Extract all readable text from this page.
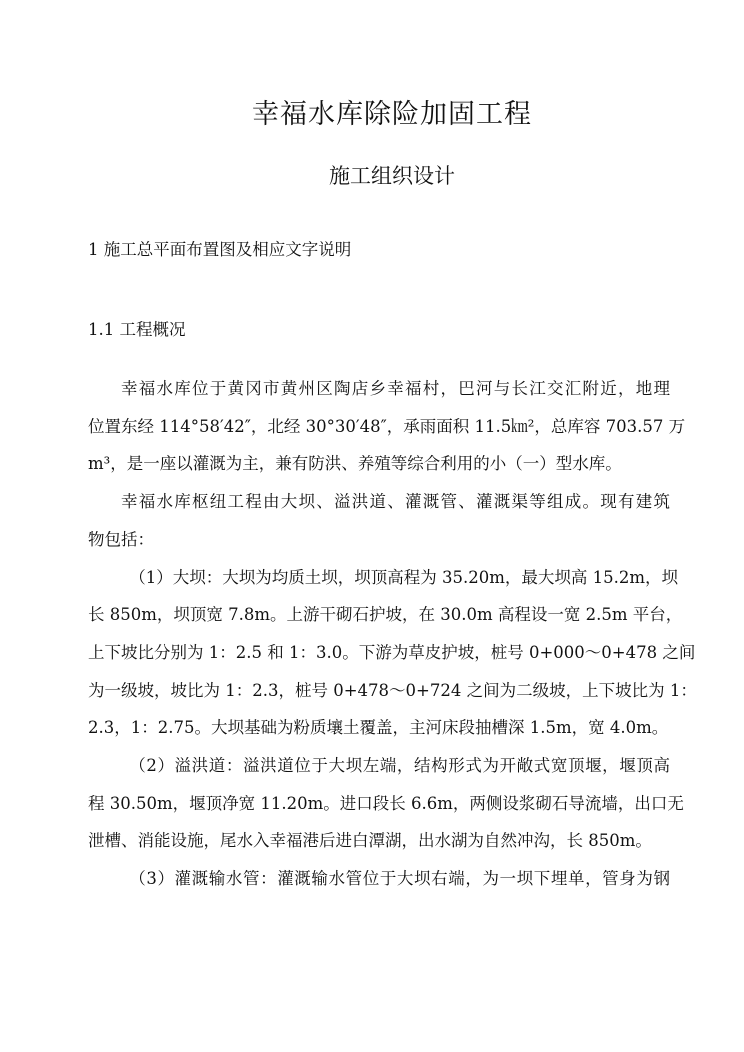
幸福水库除险加固工程
施工组织设计
1 施工总平面布置图及相应文字说明
1.1 工程概况

幸福水库位于黄冈市黄州区陶店乡幸福村，巴河与长江交汇附近，地理
位置东经 114°58′42″，北经 30°30′48″，承雨面积 11.5㎞²，总库容 703.57 万
m³，是一座以灌溉为主，兼有防洪、养殖等综合利用的小（一）型水库。

幸福水库枢纽工程由大坝、溢洪道、灌溉管、灌溉渠等组成。现有建筑
物包括：

（1）大坝：大坝为均质土坝，坝顶高程为 35.20m，最大坝高 15.2m，坝
长 850m，坝顶宽 7.8m。上游干砌石护坡，在 30.0m 高程设一宽 2.5m 平台，
上下坡比分别为 1：2.5 和 1：3.0。下游为草皮护坡，桩号 0+000～0+478 之间
为一级坡，坡比为 1：2.3，桩号 0+478～0+724 之间为二级坡，上下坡比为 1：
2.3，1：2.75。大坝基础为粉质壤土覆盖，主河床段抽槽深 1.5m，宽 4.0m。

（2）溢洪道：溢洪道位于大坝左端，结构形式为开敞式宽顶堰，堰顶高
程 30.50m，堰顶净宽 11.20m。进口段长 6.6m，两侧设浆砌石导流墙，出口无
泄槽、消能设施，尾水入幸福港后进白潭湖，出水湖为自然冲沟，长 850m。

（3）灌溉输水管：灌溉输水管位于大坝右端，为一坝下埋单，管身为钢
